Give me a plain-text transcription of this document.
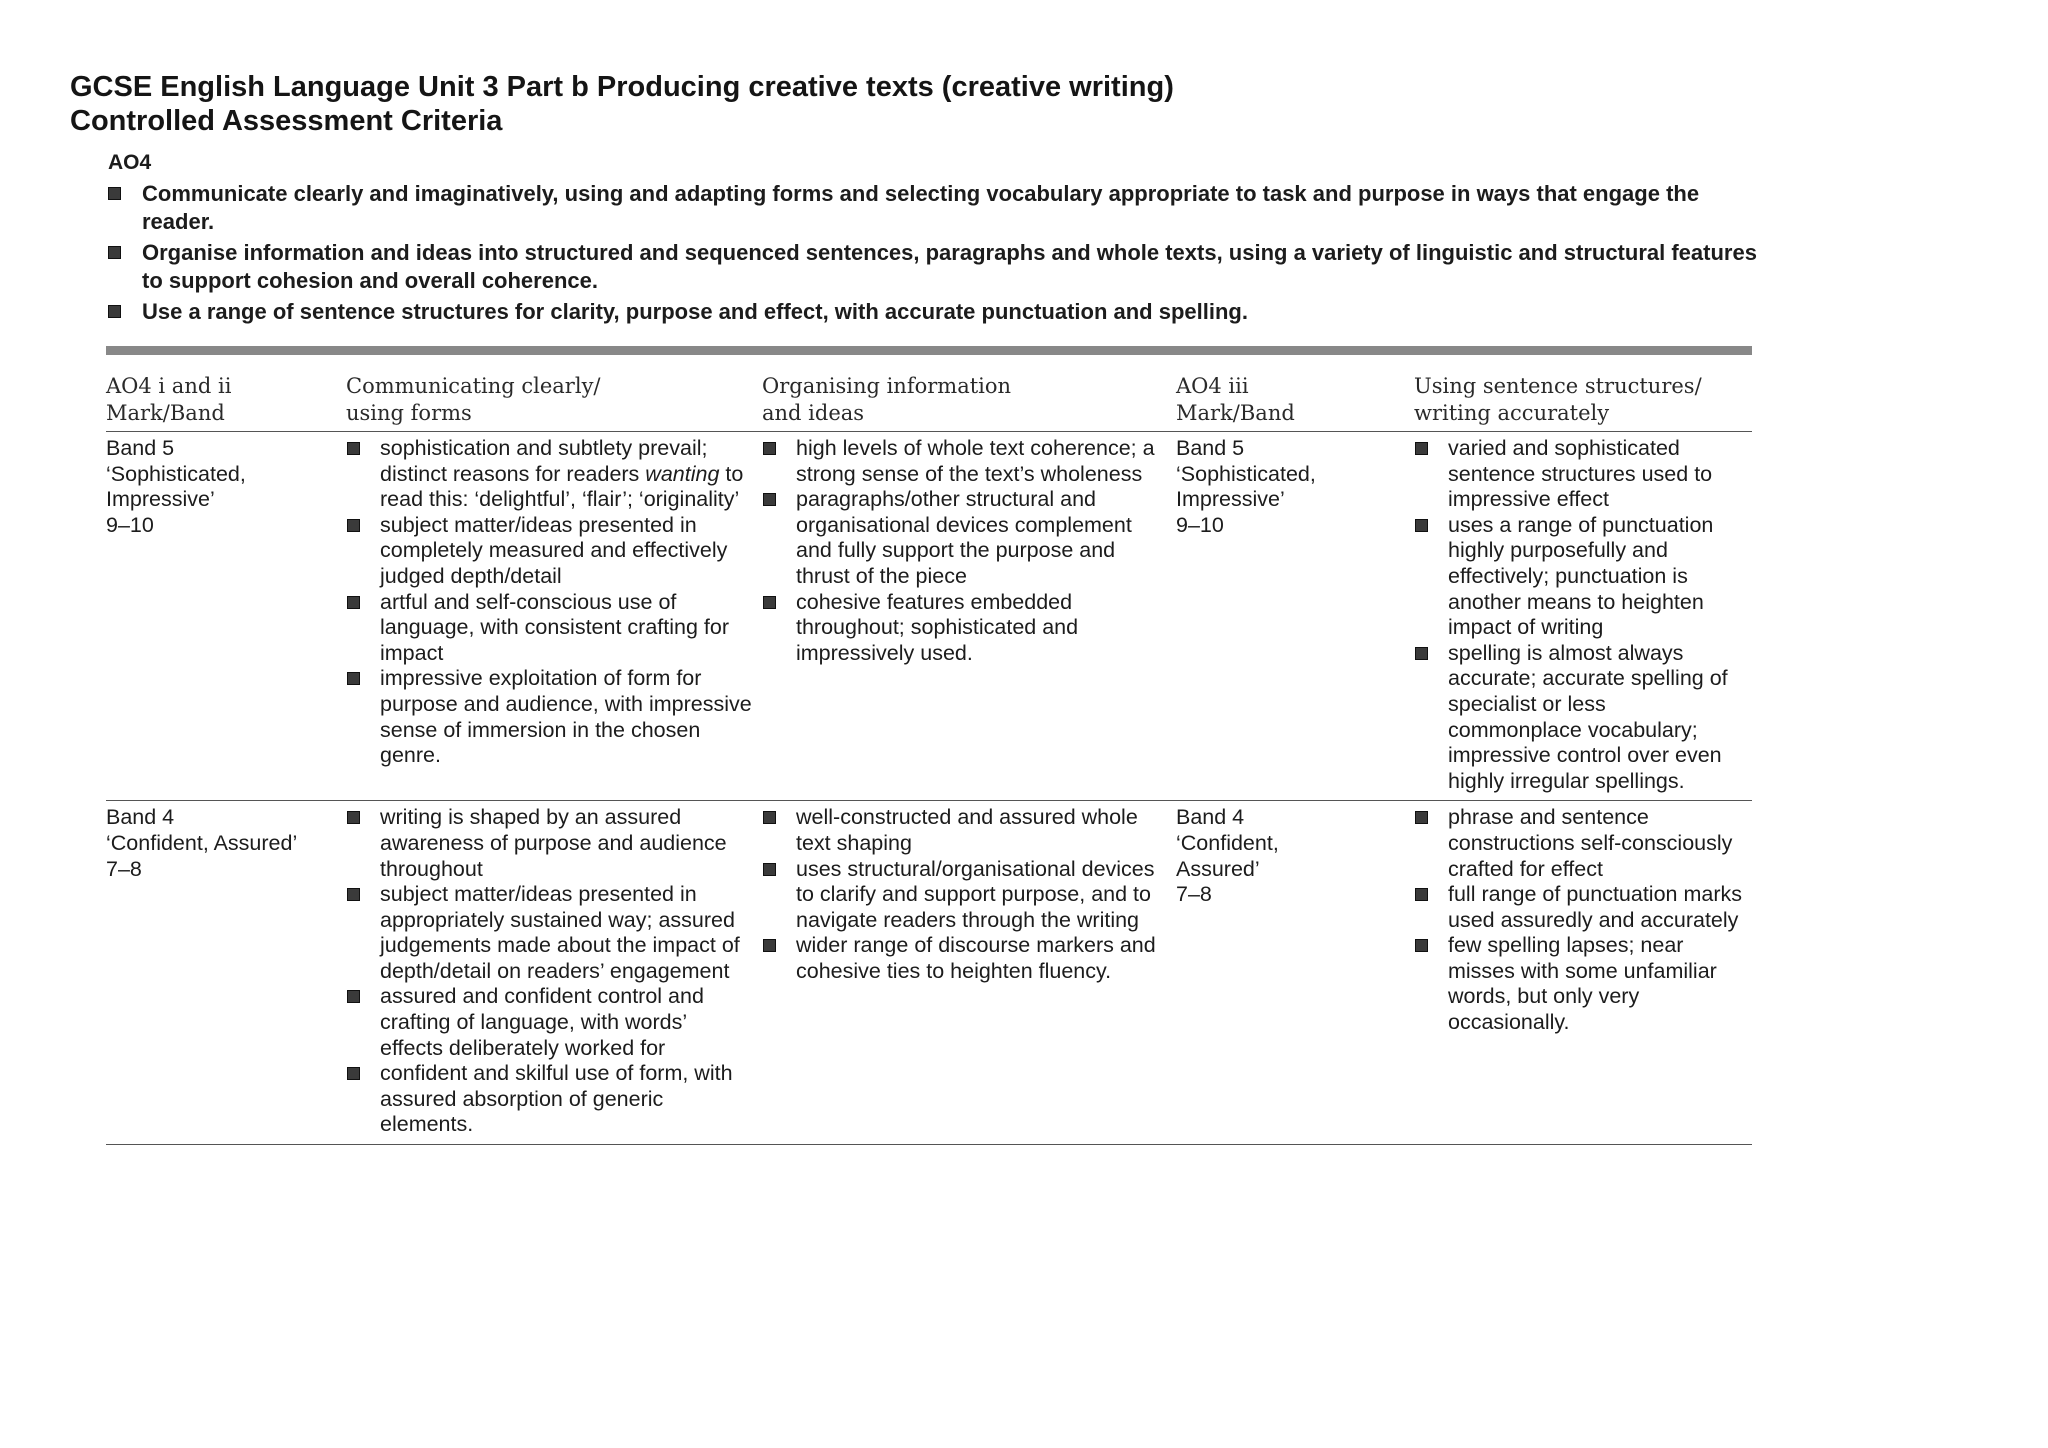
GCSE English Language Unit 3 Part b Producing creative texts (creative writing)
Controlled Assessment Criteria
AO4
Communicate clearly and imaginatively, using and adapting forms and selecting vocabulary appropriate to task and purpose in ways that engage the reader.
Organise information and ideas into structured and sequenced sentences, paragraphs and whole texts, using a variety of linguistic and structural features to support cohesion and overall coherence.
Use a range of sentence structures for clarity, purpose and effect, with accurate punctuation and spelling.
AO4 i and ii
Mark/Band
Communicating clearly/
using forms
Organising information
and ideas
AO4 iii
Mark/Band
Using sentence structures/
writing accurately
Band 5
‘Sophisticated,
Impressive’
9–10
sophistication and subtlety prevail; distinct reasons for readers wanting to read this: ‘delightful’, ‘flair’; ‘originality’
subject matter/ideas presented in completely measured and effectively judged depth/detail
artful and self-conscious use of language, with consistent crafting for impact
impressive exploitation of form for purpose and audience, with impressive sense of immersion in the chosen genre.
high levels of whole text coherence; a strong sense of the text’s wholeness
paragraphs/other structural and organisational devices complement and fully support the purpose and thrust of the piece
cohesive features embedded throughout; sophisticated and impressively used.
Band 5
‘Sophisticated,
Impressive’
9–10
varied and sophisticated sentence structures used to impressive effect
uses a range of punctuation highly purposefully and effectively; punctuation is another means to heighten impact of writing
spelling is almost always accurate; accurate spelling of specialist or less commonplace vocabulary; impressive control over even highly irregular spellings.
Band 4
‘Confident, Assured’
7–8
writing is shaped by an assured awareness of purpose and audience throughout
subject matter/ideas presented in appropriately sustained way; assured judgements made about the impact of depth/detail on readers’ engagement
assured and confident control and crafting of language, with words’ effects deliberately worked for
confident and skilful use of form, with assured absorption of generic elements.
well-constructed and assured whole text shaping
uses structural/organisational devices to clarify and support purpose, and to navigate readers through the writing
wider range of discourse markers and cohesive ties to heighten fluency.
Band 4
‘Confident,
Assured’
7–8
phrase and sentence constructions self-consciously crafted for effect
full range of punctuation marks used assuredly and accurately
few spelling lapses; near misses with some unfamiliar words, but only very occasionally.
